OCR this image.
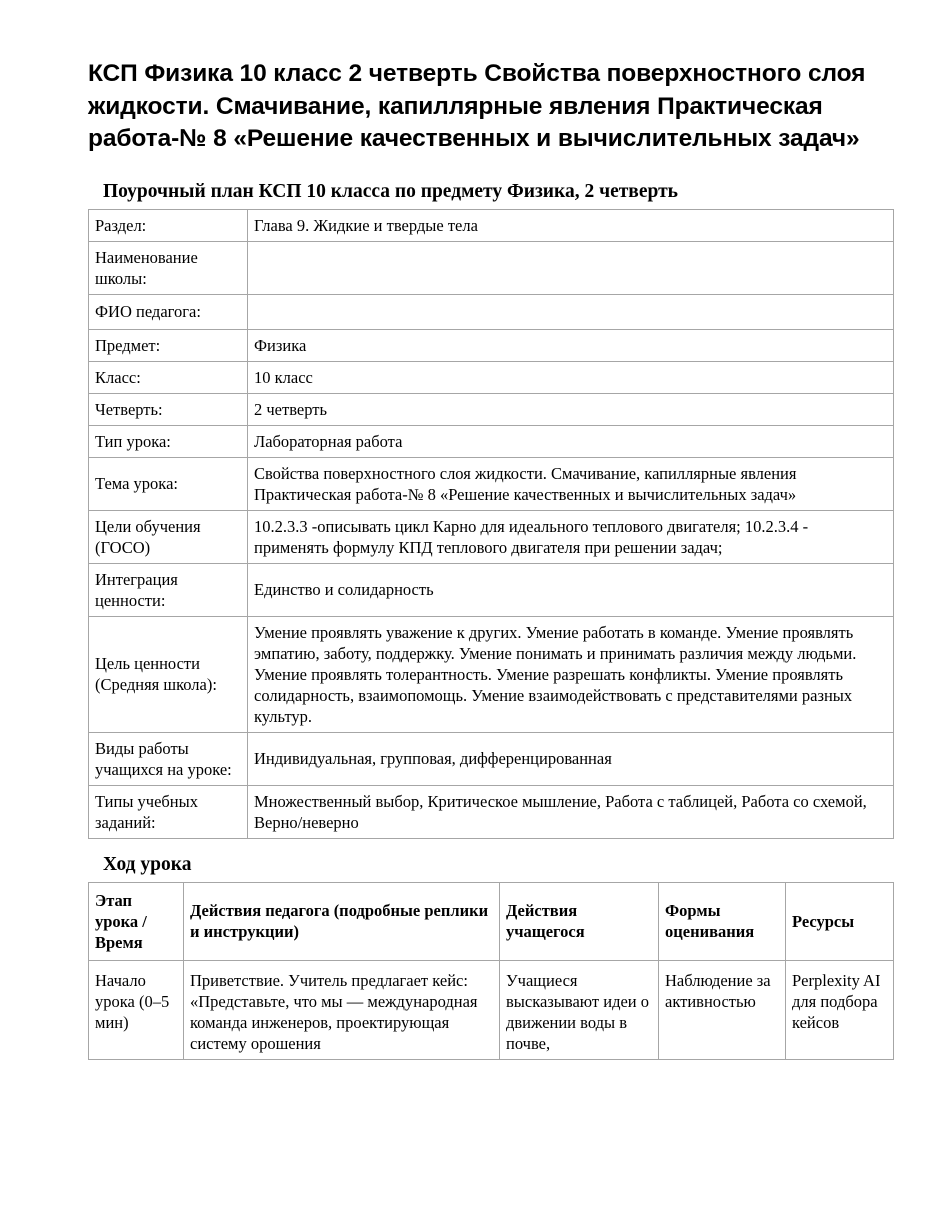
КСП Физика 10 класс 2 четверть Свойства поверхностного слоя жидкости. Смачивание, капиллярные явления Практическая работа-№ 8 «Решение качественных и вычислительных задач»
Поурочный план КСП 10 класса по предмету Физика, 2 четверть
Раздел:	Глава 9. Жидкие и твердые тела
Наименование школы:	
ФИО педагога:	
Предмет:	Физика
Класс:	10 класс
Четверть:	2 четверть
Тип урока:	Лабораторная работа
Тема урока:	Свойства поверхностного слоя жидкости. Смачивание, капиллярные явления Практическая работа-№ 8 «Решение качественных и вычислительных задач»
Цели обучения (ГОСО)	10.2.3.3 -описывать цикл Карно для идеального теплового двигателя; 10.2.3.4 - применять формулу КПД теплового двигателя при решении задач;
Интеграция ценности:	Единство и солидарность
Цель ценности (Средняя школа):	Умение проявлять уважение к других. Умение работать в команде. Умение проявлять эмпатию, заботу, поддержку. Умение понимать и принимать различия между людьми. Умение проявлять толерантность. Умение разрешать конфликты. Умение проявлять солидарность, взаимопомощь. Умение взаимодействовать с представителями разных культур.
Виды работы учащихся на уроке:	Индивидуальная, групповая, дифференцированная
Типы учебных заданий:	Множественный выбор, Критическое мышление, Работа с таблицей, Работа со схемой, Верно/неверно
Ход урока
Этап урока / Время	Действия педагога (подробные реплики и инструкции)	Действия учащегося	Формы оценивания	Ресурсы
Начало урока (0–5 мин)	Приветствие. Учитель предлагает кейс: «Представьте, что мы — международная команда инженеров, проектирующая систему орошения	Учащиеся высказывают идеи о движении воды в почве,	Наблюдение за активностью	Perplexity AI для подбора кейсов
